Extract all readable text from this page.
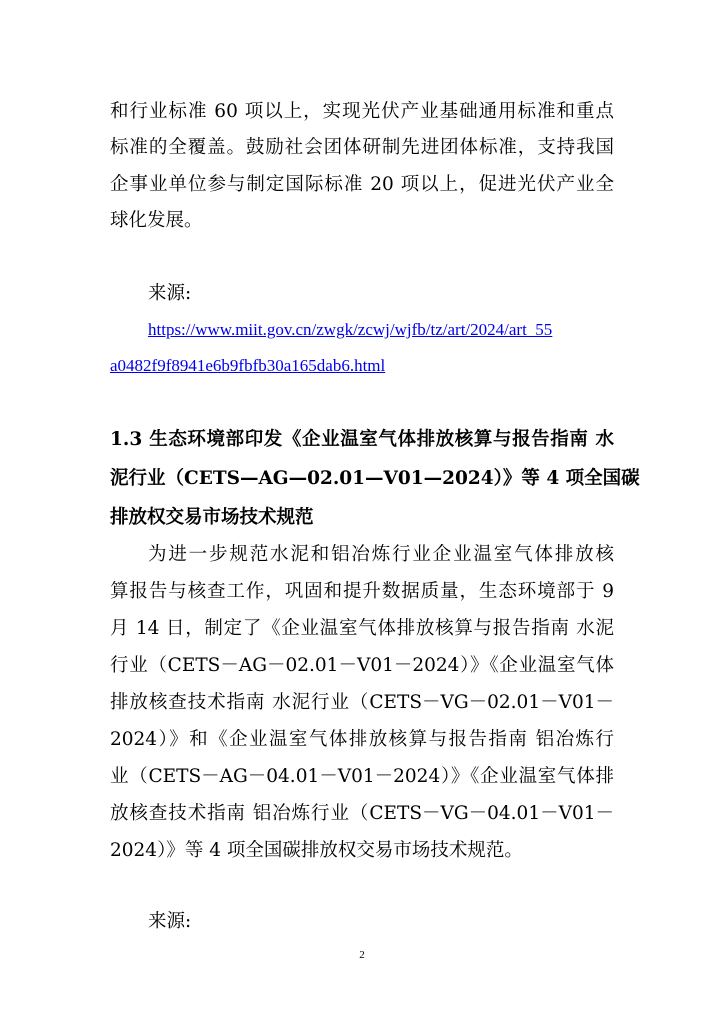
和行业标准 60 项以上，实现光伏产业基础通用标准和重点
标准的全覆盖。鼓励社会团体研制先进团体标准，支持我国
企事业单位参与制定国际标准 20 项以上，促进光伏产业全
球化发展。
来源:
https://www.miit.gov.cn/zwgk/zcwj/wjfb/tz/art/2024/art_55
a0482f9f8941e6b9fbfb30a165dab6.html
1.3 生态环境部印发《企业温室气体排放核算与报告指南 水
泥行业（CETS—AG—02.01—V01—2024）》等 4 项全国碳
排放权交易市场技术规范
为进一步规范水泥和铝冶炼行业企业温室气体排放核
算报告与核查工作，巩固和提升数据质量，生态环境部于 9
月 14 日，制定了《企业温室气体排放核算与报告指南 水泥
行业（CETS－AG－02.01－V01－2024）》《企业温室气体
排放核查技术指南 水泥行业（CETS－VG－02.01－V01－
2024）》和《企业温室气体排放核算与报告指南 铝冶炼行
业（CETS－AG－04.01－V01－2024）》《企业温室气体排
放核查技术指南 铝冶炼行业（CETS－VG－04.01－V01－
2024）》等 4 项全国碳排放权交易市场技术规范。
来源:
2
